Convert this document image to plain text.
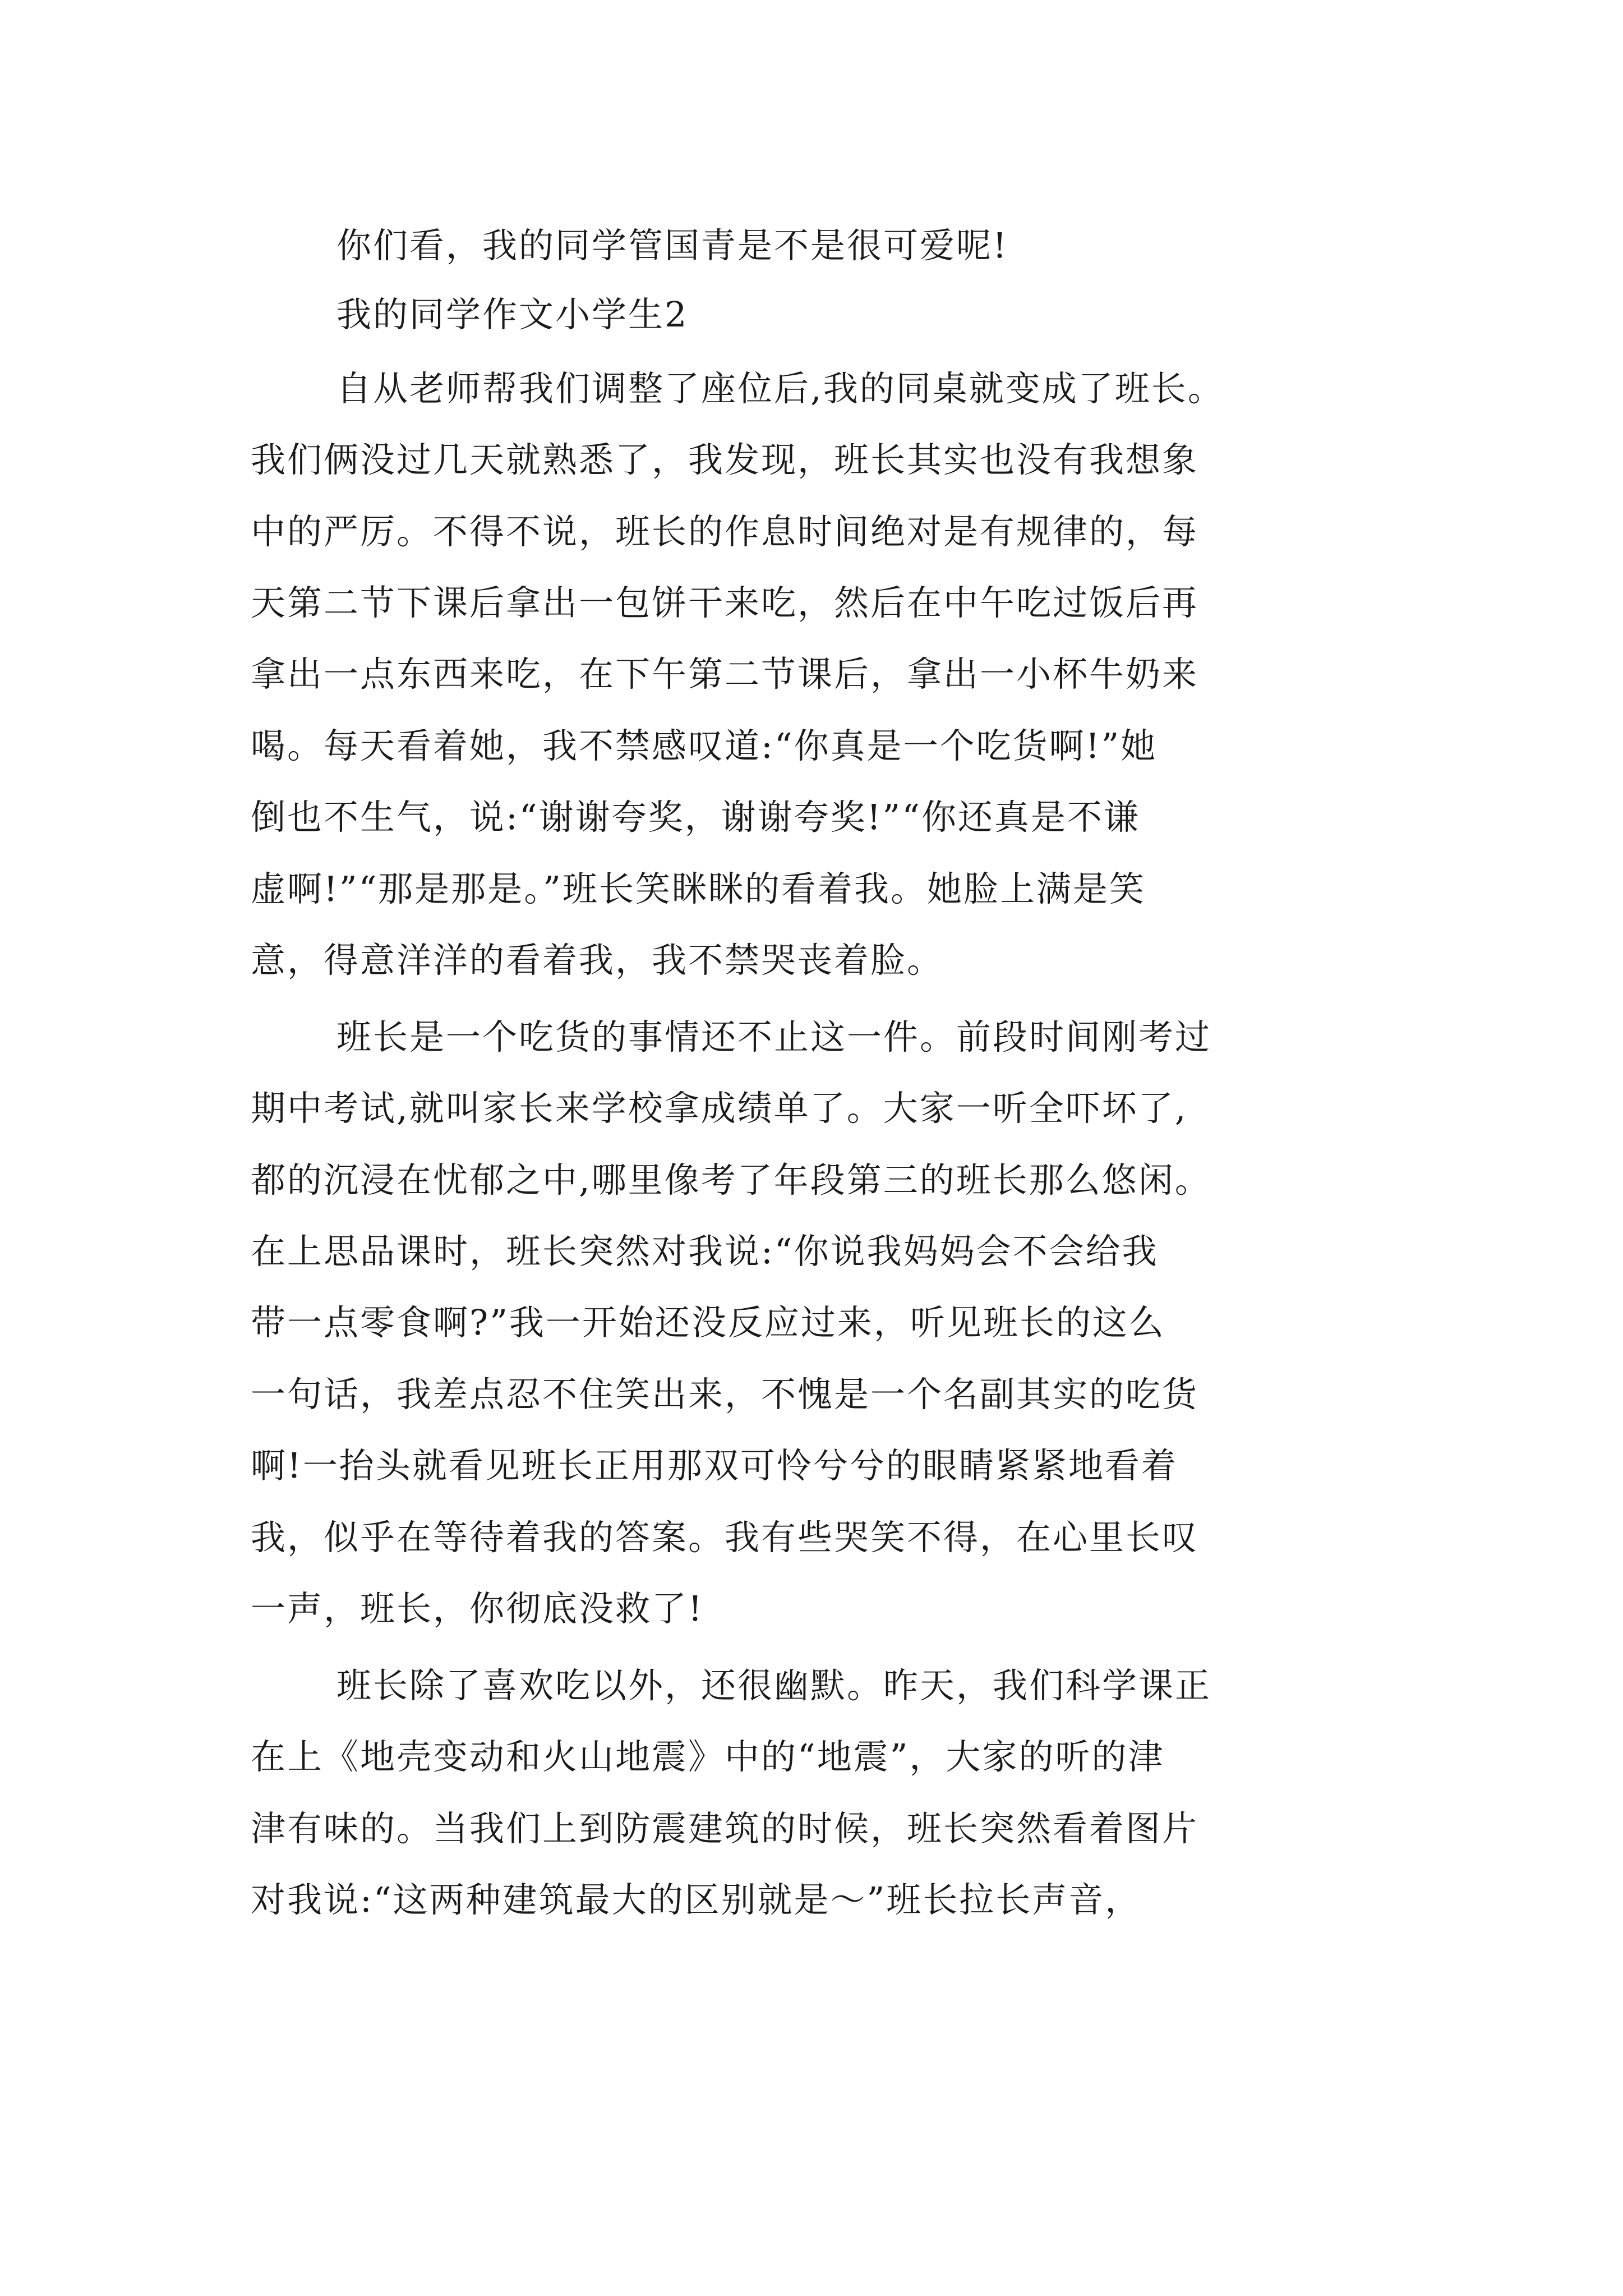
你们看，我的同学管国青是不是很可爱呢!
我的同学作文小学生2
自从老师帮我们调整了座位后,我的同桌就变成了班长。
我们俩没过几天就熟悉了，我发现，班长其实也没有我想象
中的严厉。不得不说，班长的作息时间绝对是有规律的，每
天第二节下课后拿出一包饼干来吃，然后在中午吃过饭后再
拿出一点东西来吃，在下午第二节课后，拿出一小杯牛奶来
喝。每天看着她，我不禁感叹道:“你真是一个吃货啊!”她
倒也不生气，说:“谢谢夸奖，谢谢夸奖!”“你还真是不谦
虚啊!”“那是那是。”班长笑眯眯的看着我。她脸上满是笑
意，得意洋洋的看着我，我不禁哭丧着脸。
班长是一个吃货的事情还不止这一件。前段时间刚考过
期中考试,就叫家长来学校拿成绩单了。大家一听全吓坏了,
都的沉浸在忧郁之中,哪里像考了年段第三的班长那么悠闲。
在上思品课时，班长突然对我说:“你说我妈妈会不会给我
带一点零食啊?”我一开始还没反应过来，听见班长的这么
一句话，我差点忍不住笑出来，不愧是一个名副其实的吃货
啊!一抬头就看见班长正用那双可怜兮兮的眼睛紧紧地看着
我，似乎在等待着我的答案。我有些哭笑不得，在心里长叹
一声，班长，你彻底没救了!
班长除了喜欢吃以外，还很幽默。昨天，我们科学课正
在上《地壳变动和火山地震》中的“地震”，大家的听的津
津有味的。当我们上到防震建筑的时候，班长突然看着图片
对我说:“这两种建筑最大的区别就是～”班长拉长声音，
